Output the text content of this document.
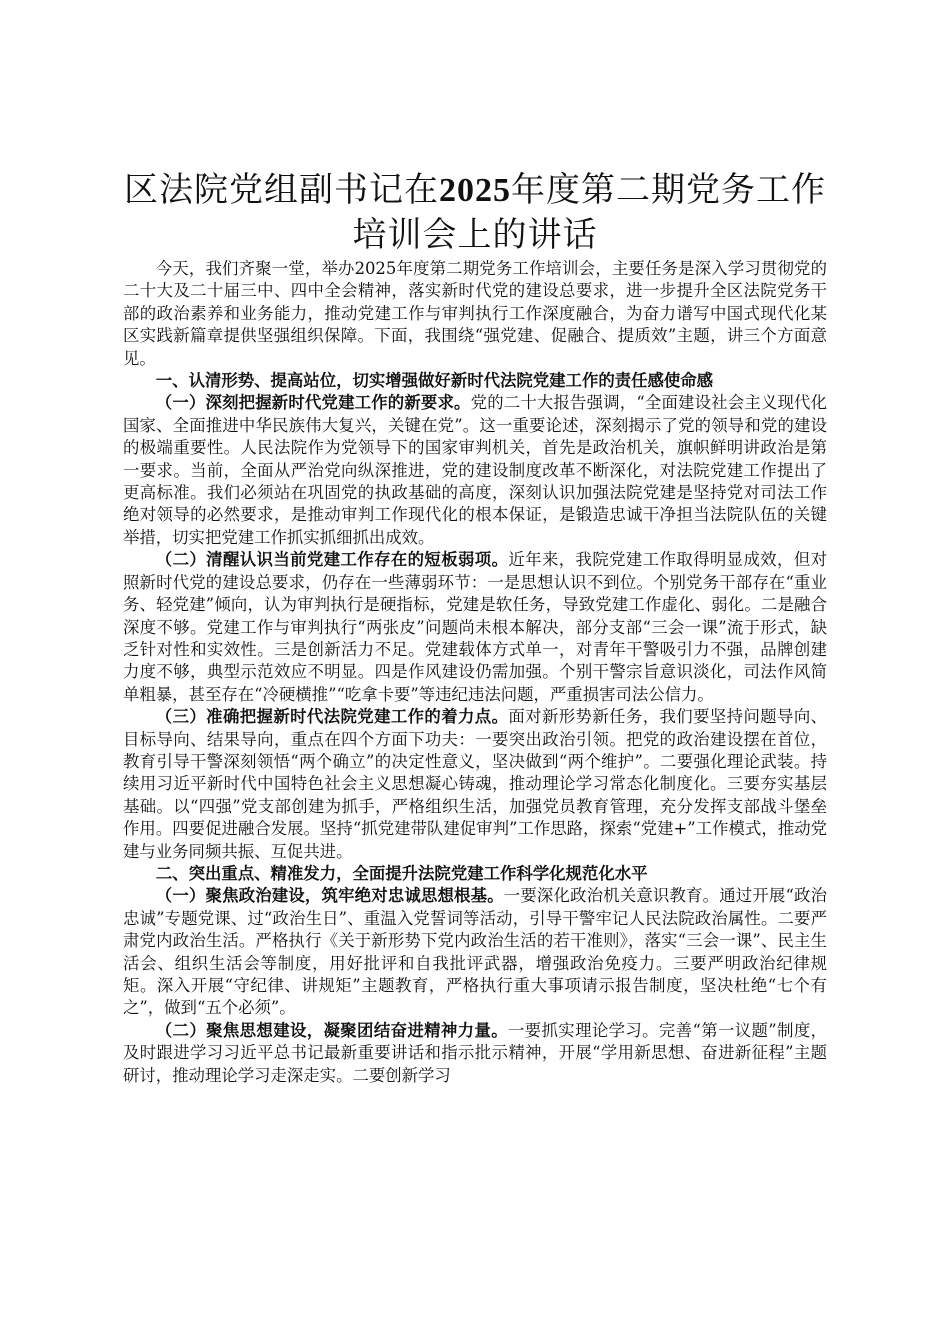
区法院党组副书记在2025年度第二期党务工作培训会上的讲话

今天，我们齐聚一堂，举办2025年度第二期党务工作培训会，主要任务是深入学习贯彻党的二十大及二十届三中、四中全会精神，落实新时代党的建设总要求，进一步提升全区法院党务干部的政治素养和业务能力，推动党建工作与审判执行工作深度融合，为奋力谱写中国式现代化某区实践新篇章提供坚强组织保障。下面，我围绕“强党建、促融合、提质效”主题，讲三个方面意见。

一、认清形势、提高站位，切实增强做好新时代法院党建工作的责任感使命感

（一）深刻把握新时代党建工作的新要求。党的二十大报告强调，“全面建设社会主义现代化国家、全面推进中华民族伟大复兴，关键在党”。这一重要论述，深刻揭示了党的领导和党的建设的极端重要性。人民法院作为党领导下的国家审判机关，首先是政治机关，旗帜鲜明讲政治是第一要求。当前，全面从严治党向纵深推进，党的建设制度改革不断深化，对法院党建工作提出了更高标准。我们必须站在巩固党的执政基础的高度，深刻认识加强法院党建是坚持党对司法工作绝对领导的必然要求，是推动审判工作现代化的根本保证，是锻造忠诚干净担当法院队伍的关键举措，切实把党建工作抓实抓细抓出成效。

（二）清醒认识当前党建工作存在的短板弱项。近年来，我院党建工作取得明显成效，但对照新时代党的建设总要求，仍存在一些薄弱环节：一是思想认识不到位。个别党务干部存在“重业务、轻党建”倾向，认为审判执行是硬指标，党建是软任务，导致党建工作虚化、弱化。二是融合深度不够。党建工作与审判执行“两张皮”问题尚未根本解决，部分支部“三会一课”流于形式，缺乏针对性和实效性。三是创新活力不足。党建载体方式单一，对青年干警吸引力不强，品牌创建力度不够，典型示范效应不明显。四是作风建设仍需加强。个别干警宗旨意识淡化，司法作风简单粗暴，甚至存在“冷硬横推”“吃拿卡要”等违纪违法问题，严重损害司法公信力。

（三）准确把握新时代法院党建工作的着力点。面对新形势新任务，我们要坚持问题导向、目标导向、结果导向，重点在四个方面下功夫：一要突出政治引领。把党的政治建设摆在首位，教育引导干警深刻领悟“两个确立”的决定性意义，坚决做到“两个维护”。二要强化理论武装。持续用习近平新时代中国特色社会主义思想凝心铸魂，推动理论学习常态化制度化。三要夯实基层基础。以“四强”党支部创建为抓手，严格组织生活，加强党员教育管理，充分发挥支部战斗堡垒作用。四要促进融合发展。坚持“抓党建带队建促审判”工作思路，探索“党建+”工作模式，推动党建与业务同频共振、互促共进。

二、突出重点、精准发力，全面提升法院党建工作科学化规范化水平

（一）聚焦政治建设，筑牢绝对忠诚思想根基。一要深化政治机关意识教育。通过开展“政治忠诚”专题党课、过“政治生日”、重温入党誓词等活动，引导干警牢记人民法院政治属性。二要严肃党内政治生活。严格执行《关于新形势下党内政治生活的若干准则》，落实“三会一课”、民主生活会、组织生活会等制度，用好批评和自我批评武器，增强政治免疫力。三要严明政治纪律规矩。深入开展“守纪律、讲规矩”主题教育，严格执行重大事项请示报告制度，坚决杜绝“七个有之”，做到“五个必须”。

（二）聚焦思想建设，凝聚团结奋进精神力量。一要抓实理论学习。完善“第一议题”制度，及时跟进学习习近平总书记最新重要讲话和指示批示精神，开展“学用新思想、奋进新征程”主题研讨，推动理论学习走深走实。二要创新学习
